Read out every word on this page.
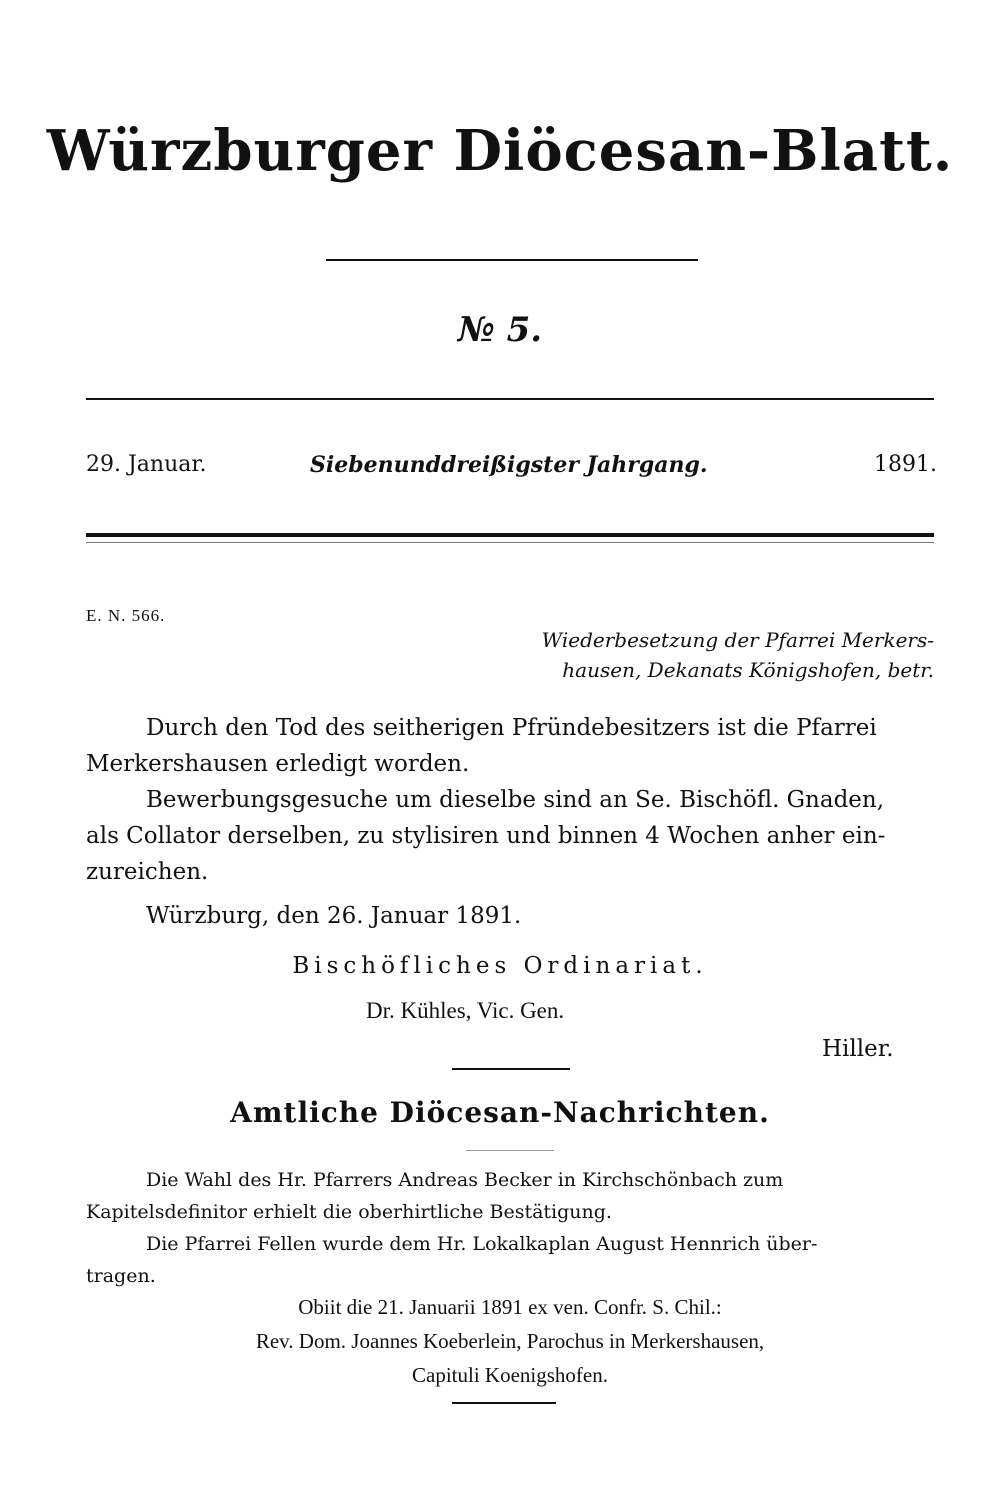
Würzburger Diöcesan-Blatt.
№ 5.
29. Januar.	Siebenunddreißigster Jahrgang.	1891.
E. N. 566.
Wiederbesetzung der Pfarrei Merkers-
hausen, Dekanats Königshofen, betr.
Durch den Tod des seitherigen Pfründebesitzers ist die Pfarrei
Merkershausen erledigt worden.
Bewerbungsgesuche um dieselbe sind an Se. Bischöfl. Gnaden,
als Collator derselben, zu stylisiren und binnen 4 Wochen anher ein-
zureichen.
Würzburg, den 26. Januar 1891.
Bischöfliches Ordinariat.
Dr. Kühles, Vic. Gen.
Hiller.
Amtliche Diöcesan-Nachrichten.
Die Wahl des Hr. Pfarrers Andreas Becker in Kirchschönbach zum
Kapitelsdefinitor erhielt die oberhirtliche Bestätigung.
Die Pfarrei Fellen wurde dem Hr. Lokalkaplan August Hennrich über-
tragen.
Obiit die 21. Januarii 1891 ex ven. Confr. S. Chil.:
Rev. Dom. Joannes Koeberlein, Parochus in Merkershausen,
Capituli Koenigshofen.
